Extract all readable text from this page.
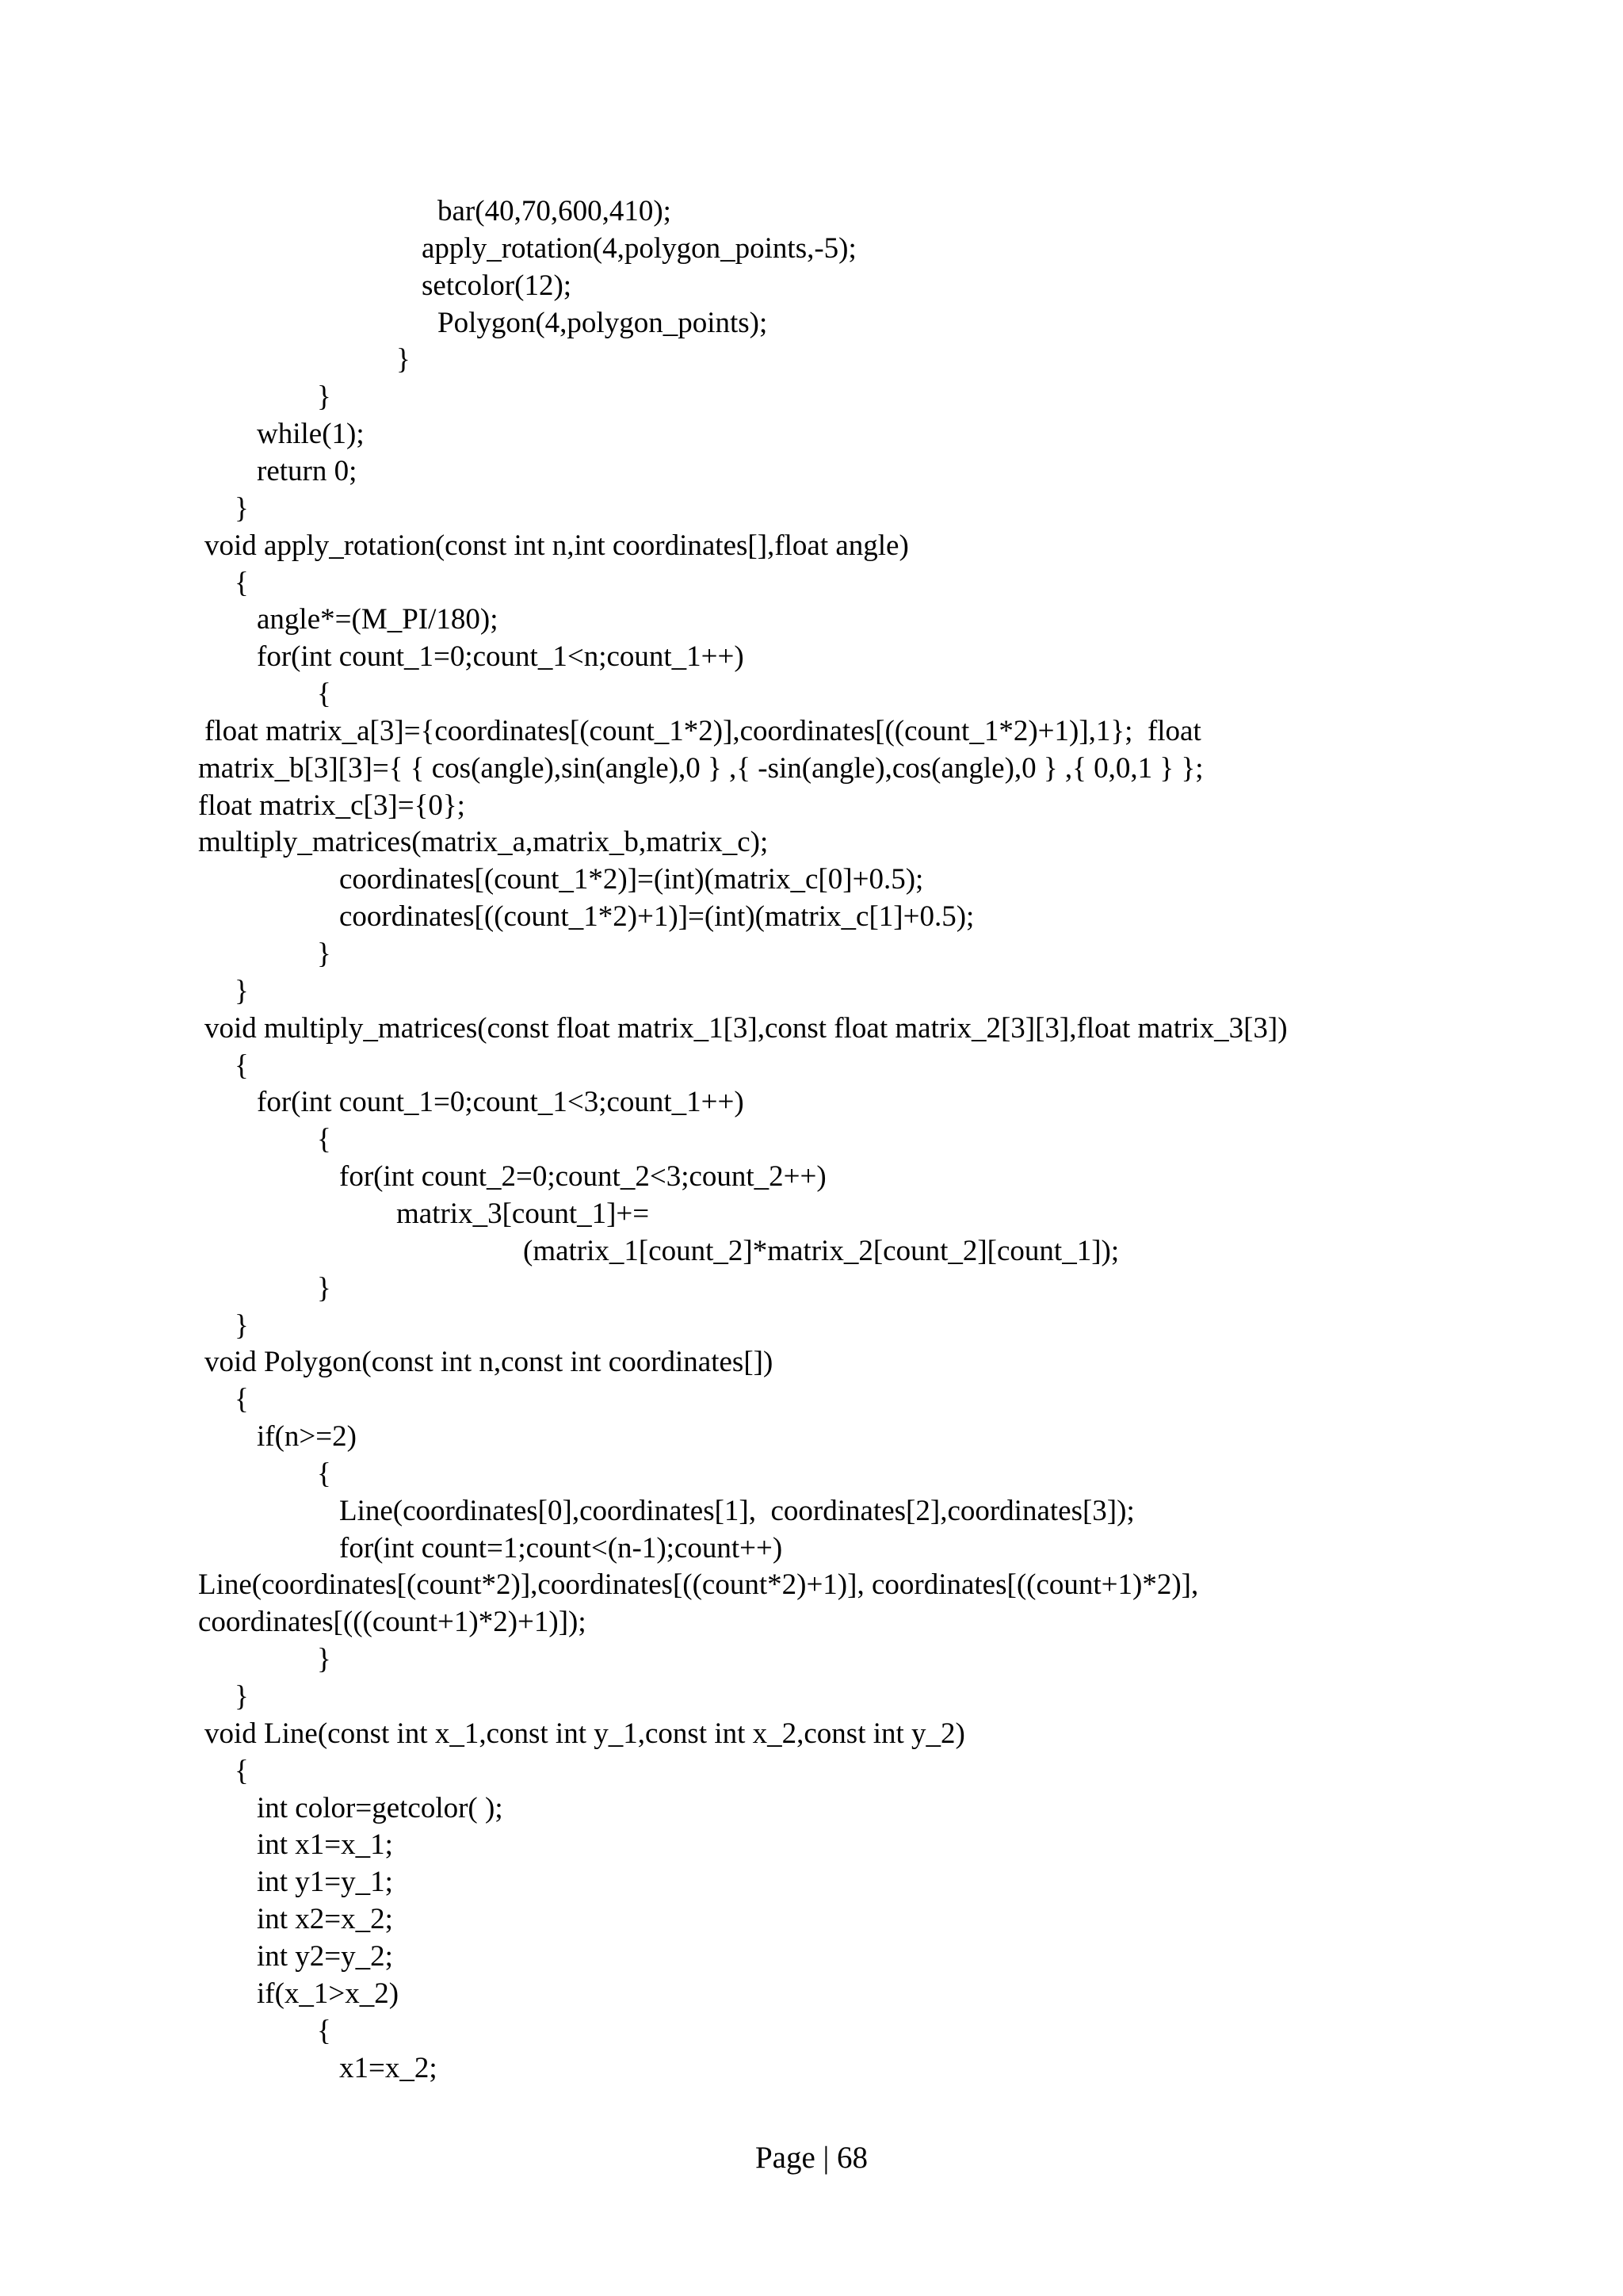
bar(40,70,600,410);
apply_rotation(4,polygon_points,-5);
setcolor(12);
Polygon(4,polygon_points);
}
}
while(1);
return 0;
}
void apply_rotation(const int n,int coordinates[],float angle)
{
angle*=(M_PI/180);
for(int count_1=0;count_1<n;count_1++)
{
float matrix_a[3]={coordinates[(count_1*2)],coordinates[((count_1*2)+1)],1};  float
matrix_b[3][3]={ { cos(angle),sin(angle),0 } ,{ -sin(angle),cos(angle),0 } ,{ 0,0,1 } };
float matrix_c[3]={0};
multiply_matrices(matrix_a,matrix_b,matrix_c);
coordinates[(count_1*2)]=(int)(matrix_c[0]+0.5);
coordinates[((count_1*2)+1)]=(int)(matrix_c[1]+0.5);
}
}
void multiply_matrices(const float matrix_1[3],const float matrix_2[3][3],float matrix_3[3])
{
for(int count_1=0;count_1<3;count_1++)
{
for(int count_2=0;count_2<3;count_2++)
matrix_3[count_1]+=
(matrix_1[count_2]*matrix_2[count_2][count_1]);
}
}
void Polygon(const int n,const int coordinates[])
{
if(n>=2)
{
Line(coordinates[0],coordinates[1],  coordinates[2],coordinates[3]);
for(int count=1;count<(n-1);count++)
Line(coordinates[(count*2)],coordinates[((count*2)+1)], coordinates[((count+1)*2)],
coordinates[(((count+1)*2)+1)]);
}
}
void Line(const int x_1,const int y_1,const int x_2,const int y_2)
{
int color=getcolor( );
int x1=x_1;
int y1=y_1;
int x2=x_2;
int y2=y_2;
if(x_1>x_2)
{
x1=x_2;
Page | 68
